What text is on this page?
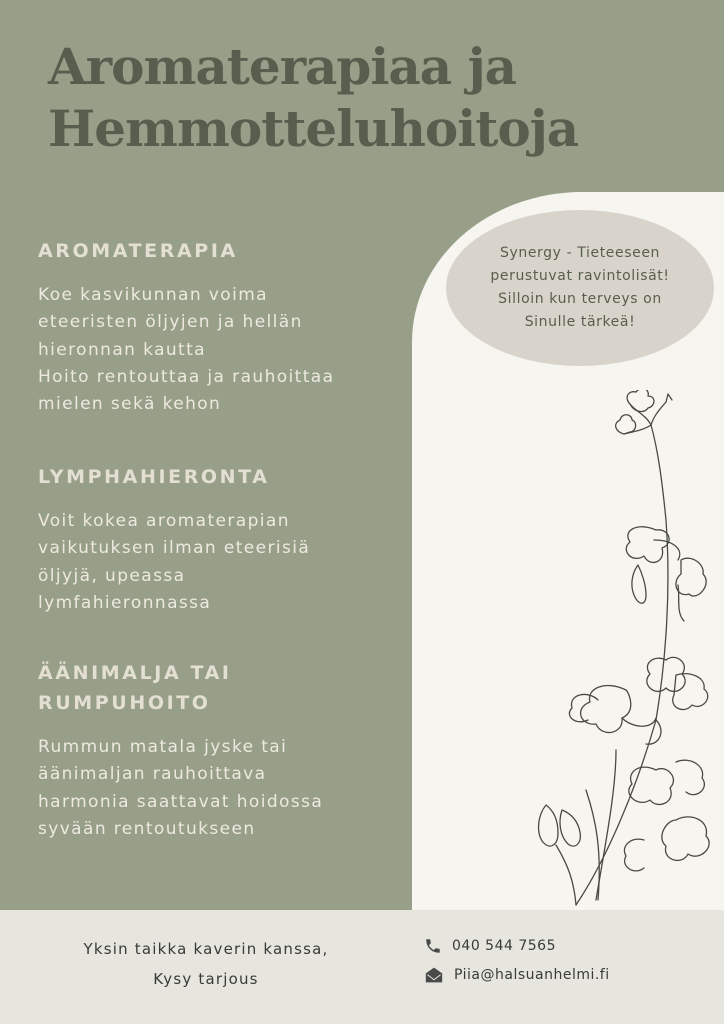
Aromaterapiaa ja
Hemmotteluhoitoja
Synergy - Tieteeseen
perustuvat ravintolisät!
Silloin kun terveys on
Sinulle tärkeä!
AROMATERAPIA

Koe kasvikunnan voima
eteeristen öljyjen ja hellän
hieronnan kautta
Hoito rentouttaa ja rauhoittaa
mielen sekä kehon

LYMPHAHIERONTA

Voit kokea aromaterapian
vaikutuksen ilman eteerisiä
öljyjä, upeassa
lymfahieronnassa

ÄÄNIMALJA TAI
RUMPUHOITO

Rummun matala jyske tai
äänimaljan rauhoittava
harmonia saattavat hoidossa
syvään rentoutukseen

Yksin taikka kaverin kanssa,
Kysy tarjous
040 544 7565
Piia@halsuanhelmi.fi
